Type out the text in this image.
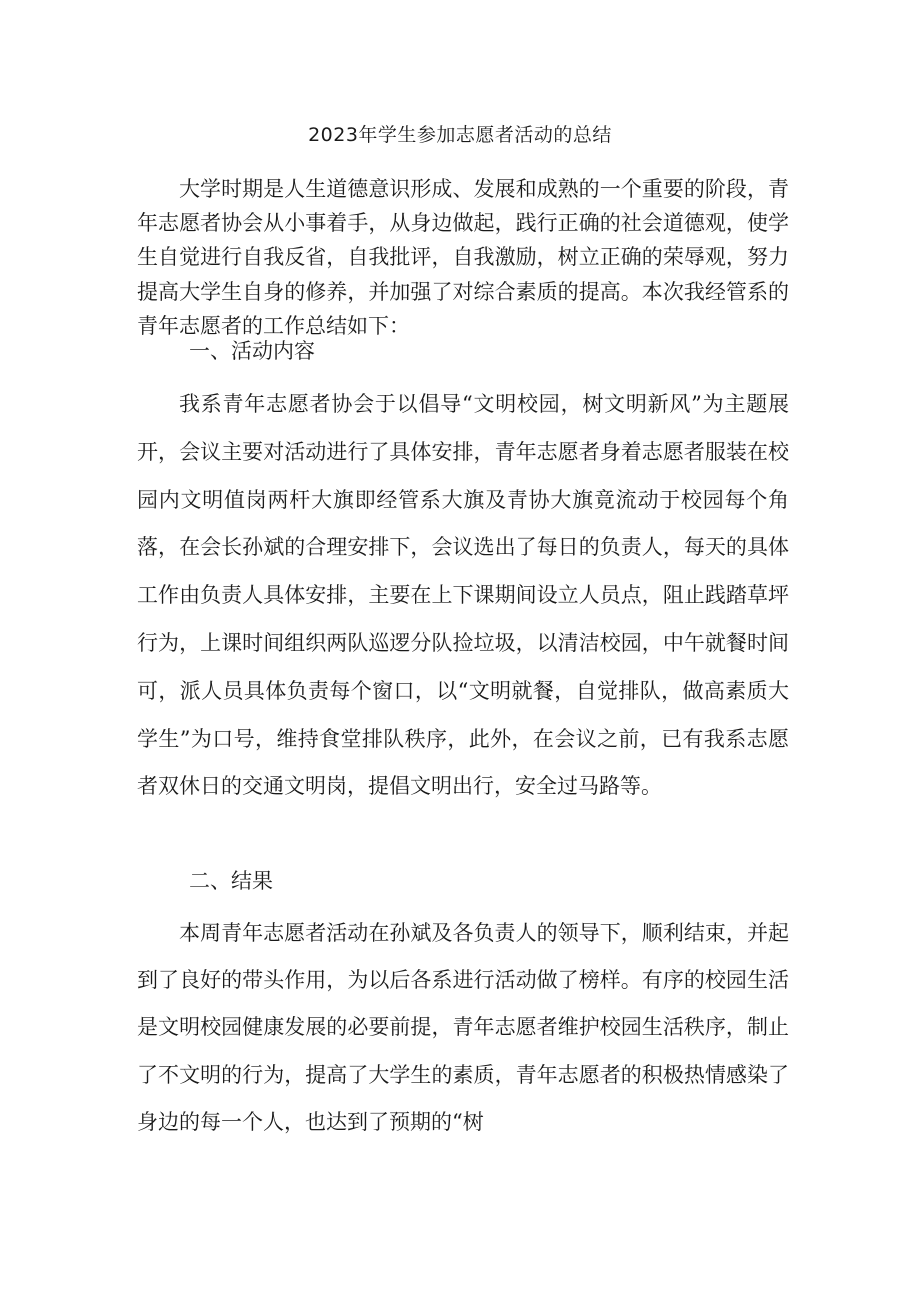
2023年学生参加志愿者活动的总结

大学时期是人生道德意识形成、发展和成熟的一个重要的阶段，青年志愿者协会从小事着手，从身边做起，践行正确的社会道德观，使学生自觉进行自我反省，自我批评，自我激励，树立正确的荣辱观，努力提高大学生自身的修养，并加强了对综合素质的提高。本次我经管系的青年志愿者的工作总结如下：

一、活动内容

我系青年志愿者协会于以倡导“文明校园，树文明新风”为主题展开，会议主要对活动进行了具体安排，青年志愿者身着志愿者服装在校园内文明值岗两杆大旗即经管系大旗及青协大旗竟流动于校园每个角落，在会长孙斌的合理安排下，会议选出了每日的负责人，每天的具体工作由负责人具体安排，主要在上下课期间设立人员点，阻止践踏草坪行为，上课时间组织两队巡逻分队捡垃圾，以清洁校园，中午就餐时间可，派人员具体负责每个窗口，以“文明就餐，自觉排队，做高素质大学生”为口号，维持食堂排队秩序，此外，在会议之前，已有我系志愿者双休日的交通文明岗，提倡文明出行，安全过马路等。

二、结果

本周青年志愿者活动在孙斌及各负责人的领导下，顺利结束，并起到了良好的带头作用，为以后各系进行活动做了榜样。有序的校园生活是文明校园健康发展的必要前提，青年志愿者维护校园生活秩序，制止了不文明的行为，提高了大学生的素质，青年志愿者的积极热情感染了身边的每一个人，也达到了预期的“树
